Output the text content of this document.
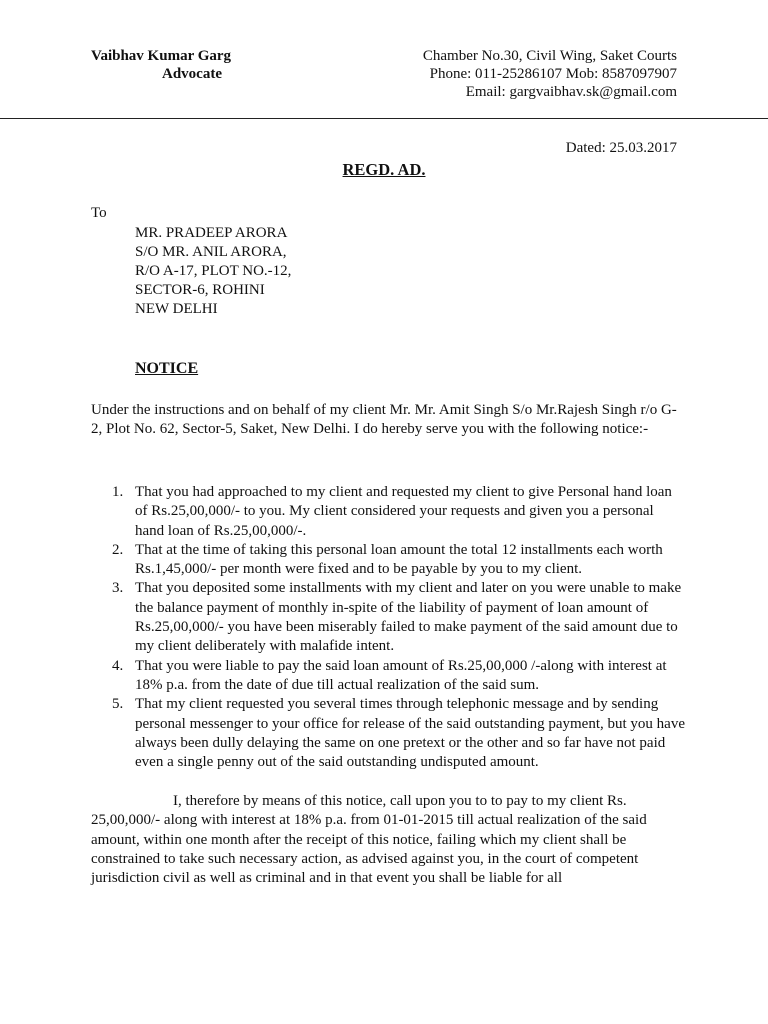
Vaibhav Kumar Garg
Advocate
Chamber No.30, Civil Wing, Saket Courts
Phone: 011-25286107 Mob: 8587097907
Email: gargvaibhav.sk@gmail.com
Dated: 25.03.2017
REGD. AD.
To
MR. PRADEEP ARORA
S/O MR. ANIL ARORA,
R/O A-17, PLOT NO.-12,
SECTOR-6, ROHINI
NEW DELHI
NOTICE
Under the instructions and on behalf of my client Mr. Mr. Amit Singh S/o Mr.Rajesh Singh r/o G-2, Plot No. 62, Sector-5, Saket, New Delhi. I do hereby serve you with the following notice:-
1. That you had approached to my client and requested my client to give Personal hand loan of Rs.25,00,000/- to you. My client considered your requests and given you a personal hand loan of Rs.25,00,000/-.
2. That at the time of taking this personal loan amount the total 12 installments each worth Rs.1,45,000/- per month were fixed and to be payable by you to my client.
3. That you deposited some installments with my client and later on you were unable to make the balance payment of monthly in-spite of the liability of payment of loan amount of Rs.25,00,000/- you have been miserably failed to make payment of the said amount due to my client deliberately with malafide intent.
4. That you were liable to pay the said loan amount of Rs.25,00,000 /-along with interest at 18% p.a. from the date of due till actual realization of the said sum.
5. That my client requested you several times through telephonic message and by sending personal messenger to your office for release of the said outstanding payment, but you have always been dully delaying the same on one pretext or the other and so far have not paid even a single penny out of the said outstanding undisputed amount.

I, therefore by means of this notice, call upon you to to pay to my client Rs. 25,00,000/- along with interest at 18% p.a. from 01-01-2015 till actual realization of the said amount, within one month after the receipt of this notice, failing which my client shall be constrained to take such necessary action, as advised against you, in the court of competent jurisdiction civil as well as criminal and in that event you shall be liable for all
